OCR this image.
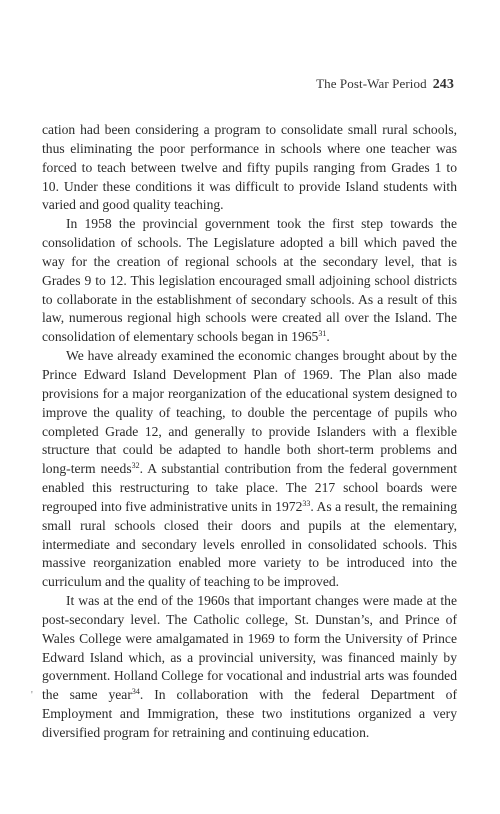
The Post-War Period 243

cation had been considering a program to consolidate small rural schools, thus eliminating the poor performance in schools where one teacher was forced to teach between twelve and fifty pupils ranging from Grades 1 to 10. Under these conditions it was difficult to provide Island students with varied and good quality teaching.

In 1958 the provincial government took the first step towards the consolidation of schools. The Legislature adopted a bill which paved the way for the creation of regional schools at the secondary level, that is Grades 9 to 12. This legislation encouraged small adjoining school districts to collaborate in the establishment of secondary schools. As a result of this law, numerous regional high schools were created all over the Island. The consolidation of elementary schools began in 1965$^{31}$.

We have already examined the economic changes brought about by the Prince Edward Island Development Plan of 1969. The Plan also made provisions for a major reorganization of the educational system designed to improve the quality of teaching, to double the percentage of pupils who completed Grade 12, and generally to provide Islanders with a flexible structure that could be adapted to handle both short-term problems and long-term needs$^{32}$. A substantial contribution from the federal government enabled this restructuring to take place. The 217 school boards were regrouped into five administrative units in 1972$^{33}$. As a result, the remaining small rural schools closed their doors and pupils at the elementary, intermediate and secondary levels enrolled in consolidated schools. This massive reorganization enabled more variety to be introduced into the curriculum and the quality of teaching to be improved.

It was at the end of the 1960s that important changes were made at the post-secondary level. The Catholic college, St. Dunstan’s, and Prince of Wales College were amalgamated in 1969 to form the University of Prince Edward Island which, as a provincial university, was financed mainly by government. Holland College for vocational and industrial arts was founded the same year$^{34}$. In collaboration with the federal Department of Employment and Immigration, these two institutions organized a very diversified program for retraining and continuing education.

'
